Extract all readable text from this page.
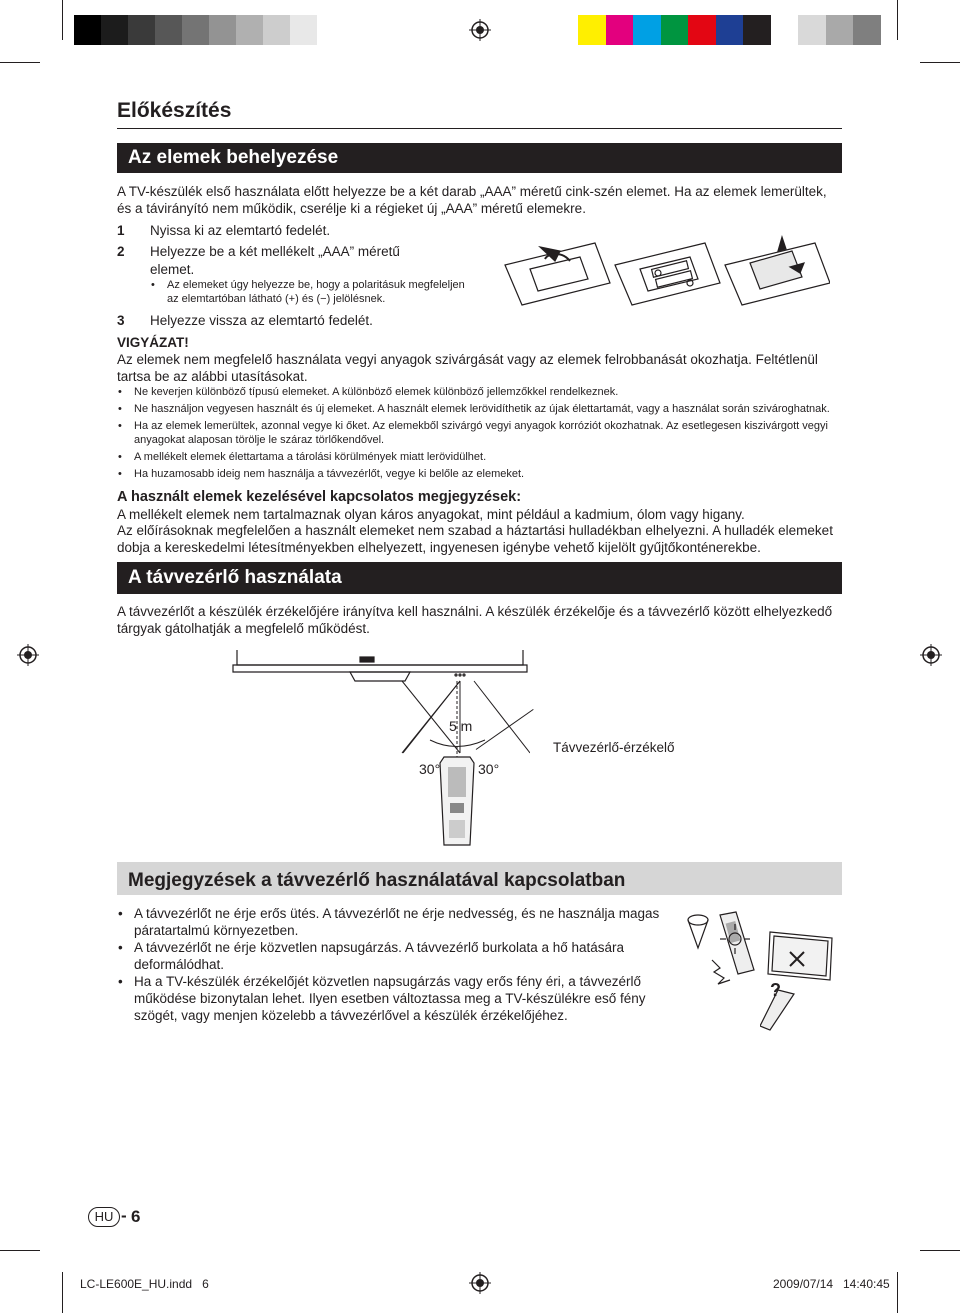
Előkészítés
Az elemek behelyezése

A TV-készülék első használata előtt helyezze be a két darab „AAA” méretű cink-szén elemet. Ha az elemek lemerültek, és a távirányító nem működik, cserélje ki a régieket új „AAA” méretű elemekre.

1 Nyissa ki az elemtartó fedelét.
2 Helyezze be a két mellékelt „AAA” méretű
elemet.
• Az elemeket úgy helyezze be, hogy a polaritásuk megfeleljen
az elemtartóban látható (+) és (−) jelölésnek.
3 Helyezze vissza az elemtartó fedelét.
VIGYÁZAT!

Az elemek nem megfelelő használata vegyi anyagok szivárgását vagy az elemek felrobbanását okozhatja. Feltétlenül tartsa be az alábbi utasításokat.

• Ne keverjen különböző típusú elemeket. A különböző elemek különböző jellemzőkkel rendelkeznek.
• Ne használjon vegyesen használt és új elemeket. A használt elemek lerövidíthetik az újak élettartamát, vagy a használat során szivároghatnak.
• Ha az elemek lemerültek, azonnal vegye ki őket. Az elemekből szivárgó vegyi anyagok korróziót okozhatnak. Az esetlegesen kiszivárgott vegyi anyagokat alaposan törölje le száraz törlőkendővel.
• A mellékelt elemek élettartama a tárolási körülmények miatt lerövidülhet.
• Ha huzamosabb ideig nem használja a távvezérlőt, vegye ki belőle az elemeket.
A használt elemek kezelésével kapcsolatos megjegyzések:

A mellékelt elemek nem tartalmaznak olyan káros anyagokat, mint például a kadmium, ólom vagy higany.

Az előírásoknak megfelelően a használt elemeket nem szabad a háztartási hulladékban elhelyezni. A hulladék elemeket dobja a kereskedelmi létesítményekben elhelyezett, ingyenesen igénybe vehető kijelölt gyűjtőkonténerekbe.

A távvezérlő használata

A távvezérlőt a készülék érzékelőjére irányítva kell használni. A készülék érzékelője és a távvezérlő között elhelyezkedő tárgyak gátolhatják a megfelelő működést.

5 m
30°	30°
Távvezérlő-érzékelő
Megjegyzések a távvezérlő használatával kapcsolatban
• A távvezérlőt ne érje erős ütés. A távvezérlőt ne érje nedvesség, és ne használja magas páratartalmú környezetben.
• A távvezérlőt ne érje közvetlen napsugárzás. A távvezérlő burkolata a hő hatására deformálódhat.
• Ha a TV-készülék érzékelőjét közvetlen napsugárzás vagy erős fény éri, a távvezérlő működése bizonytalan lehet. Ilyen esetben változtassa meg a TV-készülékre eső fény szögét, vagy menjen közelebb a távvezérlővel a készülék érzékelőjéhez.
?
HU - 6
LC-LE600E_HU.indd   6	2009/07/14 14:40:45
